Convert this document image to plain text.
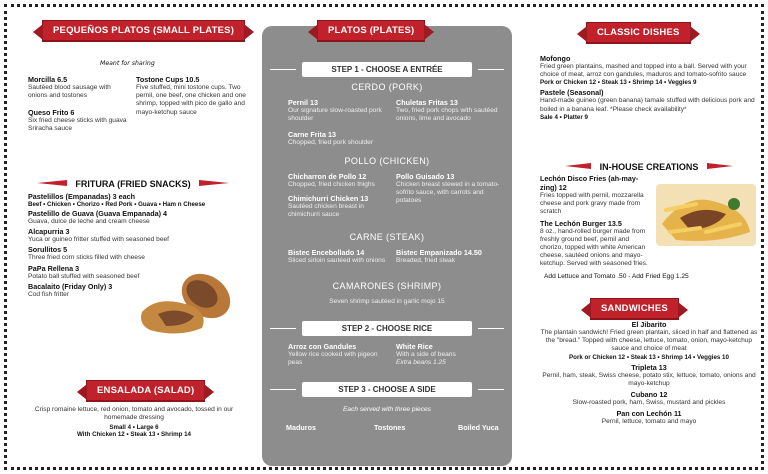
PEQUEÑOS PLATOS (SMALL PLATES)
Meant for sharing
Morcilla 6.5
Sautéed blood sausage with onions and tostones
Queso Frito 6
Six fried cheese sticks with guava Sriracha sauce
Tostone Cups 10.5
Five stuffed, mini tostone cups. Two pernil, one beef, one chicken and one shrimp, topped with pico de gallo and mayo-ketchup sauce
FRITURA (FRIED SNACKS)
Pastelillos (Empanadas) 3 each
Beef • Chicken • Chorizo • Red Pork • Guava • Ham n Cheese
Pastelillo de Guava (Guava Empanada) 4
Guava, dulce de leche and cream cheese
Alcapurria 3
Yuca or guineo fritter stuffed with seasoned beef
Sorullitos 5
Three fried corn sticks filled with cheese
PaPa Rellena 3
Potato ball stuffed with seasoned beef
Bacalaito (Friday Only) 3
Cod fish fritter
ENSALADA (SALAD)
Crisp romaine lettuce, red onion, tomato and avocado, tossed in our homemade dressing
Small 4 • Large 6
With Chicken 12 • Steak 13 • Shrimp 14
PLATOS (PLATES)
STEP 1 - CHOOSE A ENTRÉE
CERDO (PORK)
Pernil 13
Our signature slow-roasted pork shoulder
Chuletas Fritas 13
Two, fried pork chops with sautéed onions, lime and avocado
Carne Frita 13
Chopped, fried pork shoulder
POLLO (CHICKEN)
Chicharron de Pollo 12
Chopped, fried chicken thighs
Pollo Guisado 13
Chicken breast stewed in a tomato-sofrito sauce, with carrots and potatoes
Chimichurri Chicken 13
Sautéed chicken breast in chimichurri sauce
CARNE (STEAK)
Bistec Encebollado 14
Sliced sirloin sautéed with onions
Bistec Empanizado 14.50
Breaded, fried steak
CAMARONES (SHRIMP)
Seven shrimp sautéed in garlic mojo 15
STEP 2 - CHOOSE RICE
Arroz con Gandules
Yellow rice cooked with pigeon peas
White Rice
With a side of beans
Extra beans 1.25
STEP 3 - CHOOSE A SIDE
Each served with three pieces
Maduros	Tostones	Boiled Yuca
CLASSIC DISHES
Mofongo
Fried green plantains, mashed and topped into a ball. Served with your choice of meat, arroz con gandules, maduros and tomato-sofrito sauce
Pork or Chicken 12 • Steak 13 • Shrimp 14 • Veggies 9
Pastele (Seasonal)
Hand-made guineo (green banana) tamale stuffed with delicious pork and boiled in a banana leaf. *Please check availability*
Sale 4 • Platter 9
IN-HOUSE CREATIONS
Lechón Disco Fries (ah-may-zing) 12
Fries topped with pernil, mozzarella cheese and pork gravy made from scratch
The Lechón Burger 13.5
8 oz., hand-rolled burger made from freshly ground beef, pernil and chorizo, topped with white American cheese, sautéed onions and mayo-ketchup. Served with seasoned fries.
Add Lettuce and Tomato .50 - Add Fried Egg 1.25
SANDWICHES
El Jibarito
The plantain sandwich! Fried green plantain, sliced in half and flattened as the "bread." Topped with cheese, lettuce, tomato, onion, mayo-ketchup sauce and choice of meat
Pork or Chicken 12 • Steak 13 • Shrimp 14 • Veggies 10
Tripleta 13
Pernil, ham, steak, Swiss cheese, potato stix, lettuce, tomato, onions and mayo-ketchup
Cubano 12
Slow-roasted pork, ham, Swiss, mustard and pickles
Pan con Lechón 11
Pernil, lettuce, tomato and mayo
